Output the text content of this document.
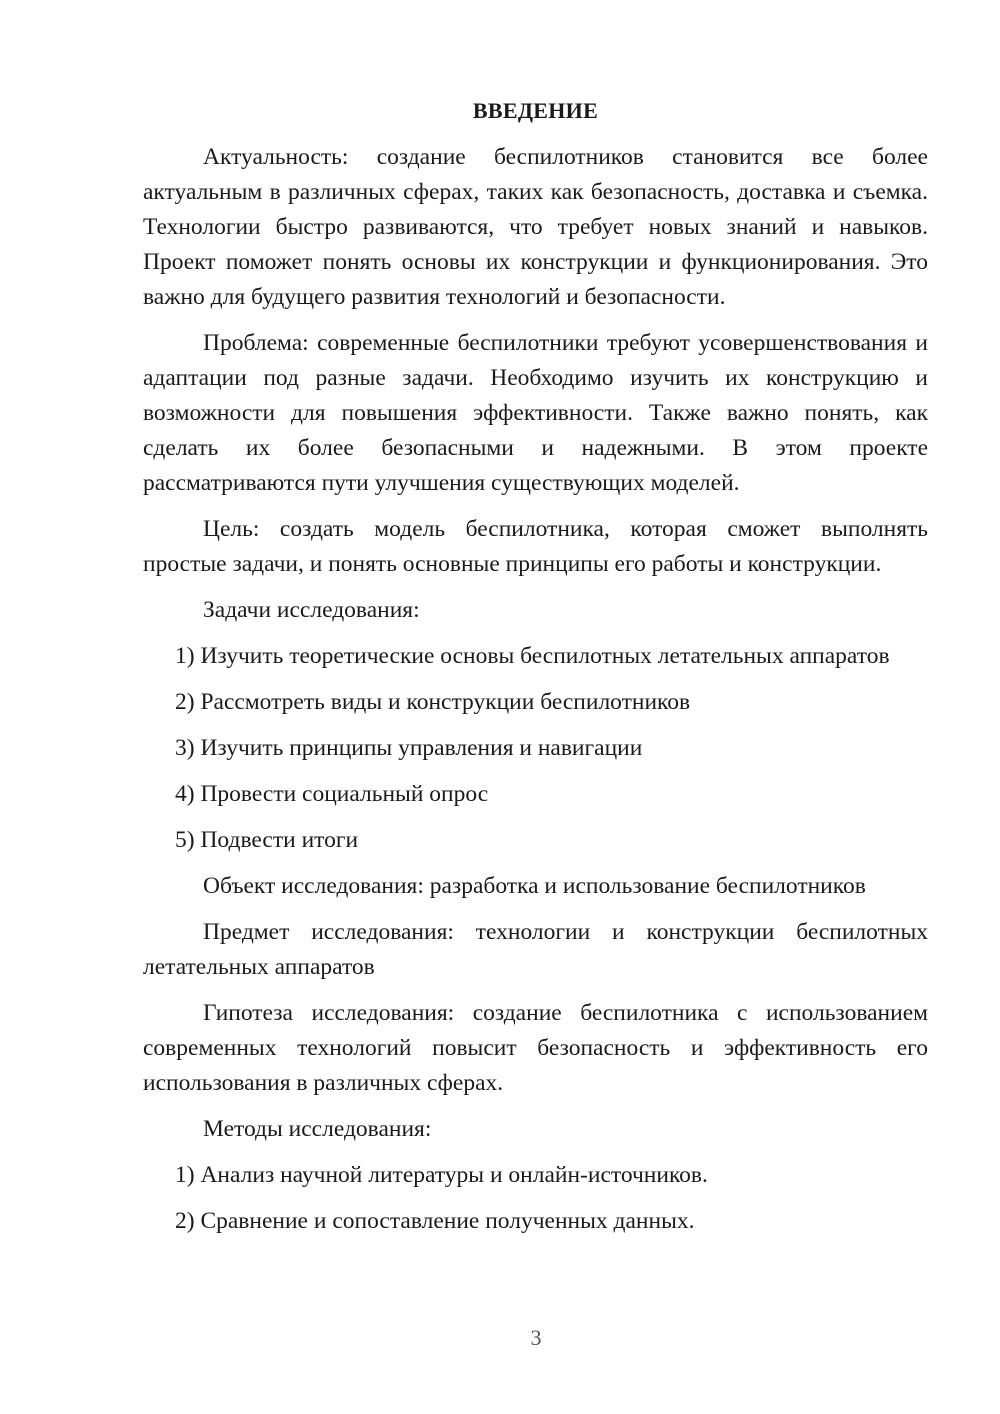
ВВЕДЕНИЕ

Актуальность: создание беспилотников становится все более актуальным в различных сферах, таких как безопасность, доставка и съемка. Технологии быстро развиваются, что требует новых знаний и навыков. Проект поможет понять основы их конструкции и функционирования. Это важно для будущего развития технологий и безопасности.

Проблема: современные беспилотники требуют усовершенствования и адаптации под разные задачи. Необходимо изучить их конструкцию и возможности для повышения эффективности. Также важно понять, как сделать их более безопасными и надежными. В этом проекте рассматриваются пути улучшения существующих моделей.

Цель: создать модель беспилотника, которая сможет выполнять простые задачи, и понять основные принципы его работы и конструкции.

Задачи исследования:

1) Изучить теоретические основы беспилотных летательных аппаратов

2) Рассмотреть виды и конструкции беспилотников

3) Изучить принципы управления и навигации

4) Провести социальный опрос

5) Подвести итоги

Объект исследования: разработка и использование беспилотников

Предмет исследования: технологии и конструкции беспилотных летательных аппаратов

Гипотеза исследования: создание беспилотника с использованием современных технологий повысит безопасность и эффективность его использования в различных сферах.

Методы исследования:

1) Анализ научной литературы и онлайн-источников.

2) Сравнение и сопоставление полученных данных.

3
